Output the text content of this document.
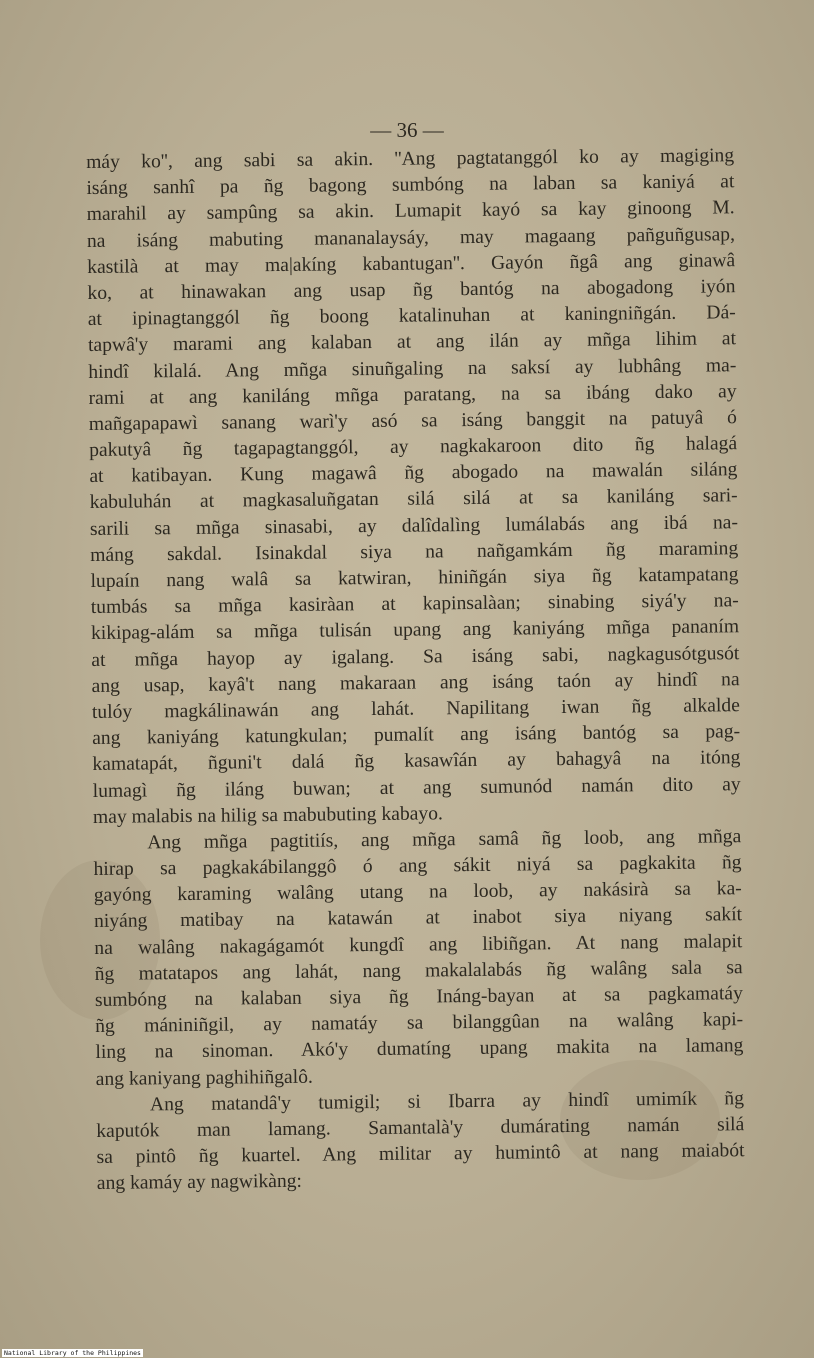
— 36 —
máy ko'', ang sabi sa akin. ''Ang pagtatanggól ko ay magiging
isáng sanhî pa ñg bagong sumbóng na laban sa kaniyá at
marahil ay sampûng sa akin. Lumapit kayó sa kay ginoong M.
na isáng mabuting mananalaysáy, may magaang pañguñgusap,
kastilà at may ma|akíng kabantugan''. Gayón ñgâ ang ginawâ
ko, at hinawakan ang usap ñg bantóg na abogadong iyón
at ipinagtanggól ñg boong katalinuhan at kaningniñgán. Dá-
tapwâ'y marami ang kalaban at ang ilán ay mñga lihim at
hindî kilalá. Ang mñga sinuñgaling na saksí ay lubhâng ma-
rami at ang kaniláng mñga paratang, na sa ibáng dako ay
mañgapapawì sanang warì'y asó sa isáng banggit na patuyâ ó
pakutyâ ñg tagapagtanggól, ay nagkakaroon dito ñg halagá
at katibayan. Kung magawâ ñg abogado na mawalán siláng
kabuluhán at magkasaluñgatan silá silá at sa kaniláng sari-
sarili sa mñga sinasabi, ay dalîdalìng lumálabás ang ibá na-
máng sakdal. Isinakdal siya na nañgamkám ñg maraming
lupaín nang walâ sa katwiran, hiniñgán siya ñg katampatang
tumbás sa mñga kasiràan at kapinsalàan; sinabing siyá'y na-
kikipag-alám sa mñga tulisán upang ang kaniyáng mñga pananím
at mñga hayop ay igalang. Sa isáng sabi, nagkagusótgusót
ang usap, kayâ't nang makaraan ang isáng taón ay hindî na
tulóy magkálinawán ang lahát. Napilitang iwan ñg alkalde
ang kaniyáng katungkulan; pumalít ang isáng bantóg sa pag-
kamatapát, ñguni't dalá ñg kasawîán ay bahagyâ na itóng
lumagì ñg iláng buwan; at ang sumunód namán dito ay
may malabis na hilig sa mabubuting kabayo.
Ang mñga pagtitiís, ang mñga samâ ñg loob, ang mñga
hirap sa pagkakábilanggô ó ang sákit niyá sa pagkakita ñg
gayóng karaming walâng utang na loob, ay nakásirà sa ka-
niyáng matibay na katawán at inabot siya niyang sakít
na walâng nakagágamót kungdî ang libiñgan. At nang malapit
ñg matatapos ang lahát, nang makalalabás ñg walâng sala sa
sumbóng na kalaban siya ñg Ináng-bayan at sa pagkamatáy
ñg mániniñgil, ay namatáy sa bilanggûan na walâng kapi-
ling na sinoman. Akó'y dumatíng upang makita na lamang
ang kaniyang paghihiñgalô.
Ang matandâ'y tumigil; si Ibarra ay hindî umimík ñg
kaputók man lamang. Samantalà'y dumárating namán silá
sa pintô ñg kuartel. Ang militar ay humintô at nang maiabót
ang kamáy ay nagwikàng:
National Library of the Philippines
